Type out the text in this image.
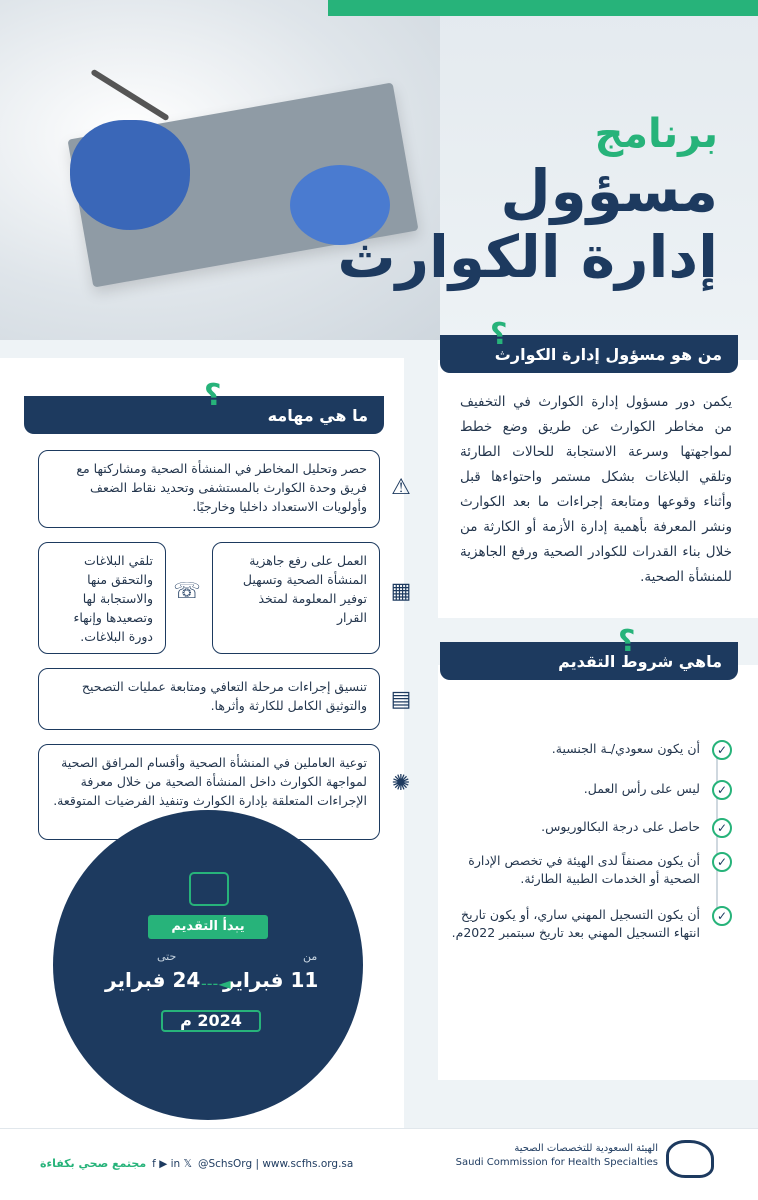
برنامج
مسؤول
إدارة الكوارث
؟
من هو مسؤول إدارة الكوارث
يكمن دور مسؤول إدارة الكوارث في التخفيف من مخاطر الكوارث عن طريق وضع خطط لمواجهتها وسرعة الاستجابة للحالات الطارئة وتلقي البلاغات بشكل مستمر واحتواءها قبل وأثناء وقوعها ومتابعة إجراءات ما بعد الكوارث ونشر المعرفة بأهمية إدارة الأزمة أو الكارثة من خلال بناء القدرات للكوادر الصحية ورفع الجاهزية للمنشأة الصحية.
؟
ماهي شروط التقديم
✓
أن يكون سعودي/ـة الجنسية.
✓
ليس على رأس العمل.
✓
حاصل على درجة البكالوريوس.
✓
أن يكون مصنفاً لدى الهيئة في تخصص الإدارة الصحية أو الخدمات الطبية الطارئة.
✓
أن يكون التسجيل المهني ساري، أو يكون تاريخ انتهاء التسجيل المهني بعد تاريخ سبتمبر 2022م.
؟
ما هي مهامه
حصر وتحليل المخاطر في المنشأة الصحية ومشاركتها مع فريق وحدة الكوارث بالمستشفى وتحديد نقاط الضعف وأولويات الاستعداد داخليا وخارجيًا.
⚠
العمل على رفع جاهزية المنشأة الصحية وتسهيل توفير المعلومة لمتخذ القرار
▦
تلقي البلاغات والتحقق منها والاستجابة لها وتصعيدها وإنهاء دورة البلاغات.
☏
تنسيق إجراءات مرحلة التعافي ومتابعة عمليات التصحيح والتوثيق الكامل للكارثة وأثرها.	▤
توعية العاملين في المنشأة الصحية وأقسام المرافق الصحية لمواجهة الكوارث داخل المنشأة الصحية من خلال معرفة الإجراءات المتعلقة بإدارة الكوارث وتنفيذ الفرضيات المتوقعة.
✺
يبدأ التقديم
من
11 فبراير
حتى
24 فبراير ◄‑‑‑
2024 م
مجتمع صحي بكفاءة f ▶ in 𝕏 @SchsOrg | www.scfhs.org.sa
الهيئة السعودية للتخصصات الصحية
Saudi Commission for Health Specialties
